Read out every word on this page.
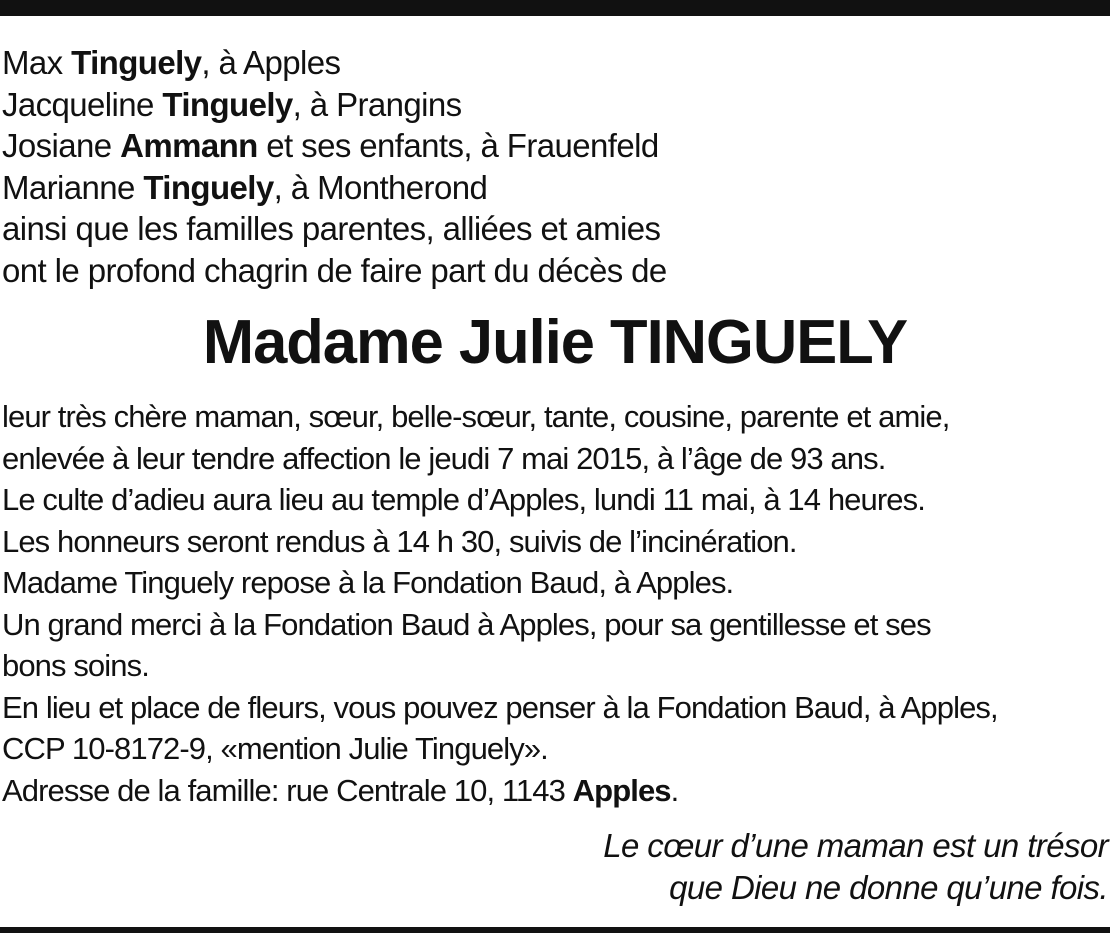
Max Tinguely, à Apples
Jacqueline Tinguely, à Prangins
Josiane Ammann et ses enfants, à Frauenfeld
Marianne Tinguely, à Montherond
ainsi que les familles parentes, alliées et amies
ont le profond chagrin de faire part du décès de
Madame Julie TINGUELY
leur très chère maman, sœur, belle-sœur, tante, cousine, parente et amie,
enlevée à leur tendre affection le jeudi 7 mai 2015, à l’âge de 93 ans.
Le culte d’adieu aura lieu au temple d’Apples, lundi 11 mai, à 14 heures.
Les honneurs seront rendus à 14 h 30, suivis de l’incinération.
Madame Tinguely repose à la Fondation Baud, à Apples.
Un grand merci à la Fondation Baud à Apples, pour sa gentillesse et ses
bons soins.
En lieu et place de fleurs, vous pouvez penser à la Fondation Baud, à Apples,
CCP 10-8172-9, «mention Julie Tinguely».
Adresse de la famille: rue Centrale 10, 1143 Apples.
Le cœur d’une maman est un trésor
que Dieu ne donne qu’une fois.
